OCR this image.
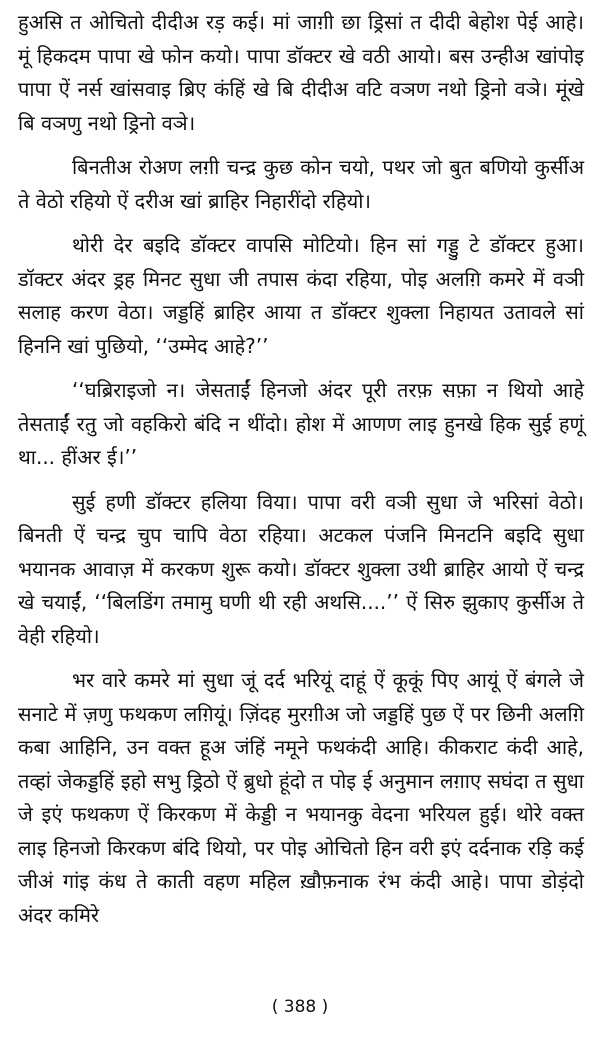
हुअसि त ओचितो दीदीअ रड़ कई। मां जाग़ी छा ड्रिसां त दीदी बेहोश पेई आहे। मूं हिकदम पापा खे फोन कयो। पापा डॉक्टर खे वठी आयो। बस उन्हीअ खांपोइ पापा ऐं नर्स खांसवाइ ब्रिए कंहिं खे बि दीदीअ वटि वञण नथो ड्रिनो वञे। मूंखे बि वञणु नथो ड्रिनो वञे।

बिनतीअ रोअण लग़ी चन्द्र कुछ कोन चयो, पथर जो बुत बणियो कुर्सीअ ते वेठो रहियो ऐं दरीअ खां ब्राहिर निहारींदो रहियो।

थोरी देर बइदि डॉक्टर वापसि मोटियो। हिन सां गड्डु टे डॉक्टर हुआ। डॉक्टर अंदर ड्रह मिनट सुधा जी तपास कंदा रहिया, पोइ अलग़ि कमरे में वञी सलाह करण वेठा। जड्डहिं ब्राहिर आया त डॉक्टर शुक्ला निहायत उतावले सां हिननि खां पुछियो, ‘‘उम्मेद आहे?’’

‘‘घब्रिराइजो न। जेसताईं हिनजो अंदर पूरी तरफ़ सफ़ा न थियो आहे तेसताईं रतु जो वहकिरो बंदि न थींदो। होश में आणण लाइ हुनखे हिक सुई हणूं था... हींअर ई।’’

सुई हणी डॉक्टर हलिया विया। पापा वरी वञी सुधा जे भरिसां वेठो। बिनती ऐं चन्द्र चुप चापि वेठा रहिया। अटकल पंजनि मिनटनि बइदि सुधा भयानक आवाज़ में करकण शुरू कयो। डॉक्टर शुक्ला उथी ब्राहिर आयो ऐं चन्द्र खे चयाईं, ‘‘बिलडिंग तमामु घणी थी रही अथसि....’’ ऐं सिरु झुकाए कुर्सीअ ते वेही रहियो।

भर वारे कमरे मां सुधा जूं दर्द भरियूं दाहूं ऐं कूकूं पिए आयूं ऐं बंगले जे सनाटे में ज़णु फथकण लग़ियूं। ज़िंदह मुरग़ीअ जो जड्डहिं पुछ ऐं पर छिनी अलग़ि कबा आहिनि, उन वक्त हूअ जंहिं नमूने फथकंदी आहि। कीकराट कंदी आहे, तव्हां जेकड्डहिं इहो सभु ड्रिठो ऐं ब्रुधो हूंदो त पोइ ई अनुमान लग़ाए सघंदा त सुधा जे इएं फथकण ऐं किरकण में केड्डी न भयानकु वेदना भरियल हुई। थोरे वक्त लाइ हिनजो किरकण बंदि थियो, पर पोइ ओचितो हिन वरी इएं दर्दनाक रड़ि कई जीअं गांइ कंध ते काती वहण महिल ख़ौफ़नाक रंभ कंदी आहे। पापा डोड़ंदो अंदर कमिरे

( 388 )
